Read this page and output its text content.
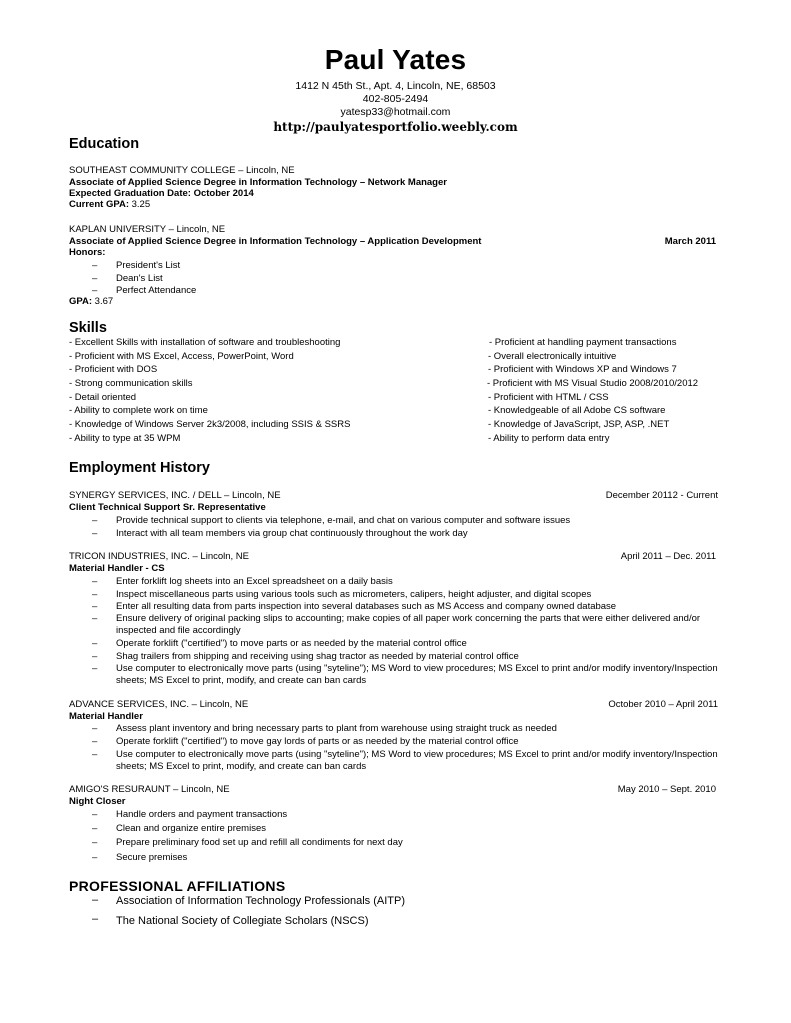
Paul Yates
1412 N 45th St., Apt. 4, Lincoln, NE, 68503
402-805-2494
yatesp33@hotmail.com
http://paulyatesportfolio.weebly.com
Education
SOUTHEAST COMMUNITY COLLEGE – Lincoln, NE
Associate of Applied Science Degree in Information Technology – Network Manager
Expected Graduation Date: October 2014
Current GPA: 3.25
KAPLAN UNIVERSITY – Lincoln, NE
Associate of Applied Science Degree in Information Technology – Application Development	March 2011
Honors:
– President's List
– Dean's List
– Perfect Attendance
GPA: 3.67
Skills
- Excellent Skills with installation of software and troubleshooting
- Proficient with MS Excel, Access, PowerPoint, Word
- Proficient with DOS
- Strong communication skills
- Detail oriented
- Ability to complete work on time
- Knowledge of Windows Server 2k3/2008, including SSIS & SSRS
- Ability to type at 35 WPM
- Proficient at handling payment transactions
- Overall electronically intuitive
- Proficient with Windows XP and Windows 7
- Proficient with MS Visual Studio 2008/2010/2012
- Proficient with HTML / CSS
- Knowledgeable of all Adobe CS software
- Knowledge of JavaScript, JSP, ASP, .NET
- Ability to perform data entry
Employment History
SYNERGY SERVICES, INC. / DELL – Lincoln, NE	December 20112 - Current
Client Technical Support Sr. Representative
– Provide technical support to clients via telephone, e-mail, and chat on various computer and software issues
– Interact with all team members via group chat continuously throughout the work day
TRICON INDUSTRIES, INC. – Lincoln, NE	April 2011 – Dec. 2011
Material Handler - CS
– Enter forklift log sheets into an Excel spreadsheet on a daily basis
– Inspect miscellaneous parts using various tools such as micrometers, calipers, height adjuster, and digital scopes
– Enter all resulting data from parts inspection into several databases such as MS Access and company owned database
– Ensure delivery of original packing slips to accounting; make copies of all paper work concerning the parts that were either delivered and/or inspected and file accordingly
– Operate forklift ("certified") to move parts or as needed by the material control office
– Shag trailers from shipping and receiving using shag tractor as needed by material control office
– Use computer to electronically move parts (using "syteline"); MS Word to view procedures; MS Excel to print and/or modify inventory/Inspection sheets; MS Excel to print, modify, and create can ban cards
ADVANCE SERVICES, INC. – Lincoln, NE	October 2010 – April 2011
Material Handler
– Assess plant inventory and bring necessary parts to plant from warehouse using straight truck as needed
– Operate forklift ("certified") to move gay lords of parts or as needed by the material control office
– Use computer to electronically move parts (using "syteline"); MS Word to view procedures; MS Excel to print and/or modify inventory/Inspection sheets; MS Excel to print, modify, and create can ban cards
AMIGO'S RESURAUNT – Lincoln, NE	May 2010 – Sept. 2010
Night Closer
– Handle orders and payment transactions
– Clean and organize entire premises
– Prepare preliminary food set up and refill all condiments for next day
– Secure premises
PROFESSIONAL AFFILIATIONS
– Association of Information Technology Professionals (AITP)
– The National Society of Collegiate Scholars (NSCS)
